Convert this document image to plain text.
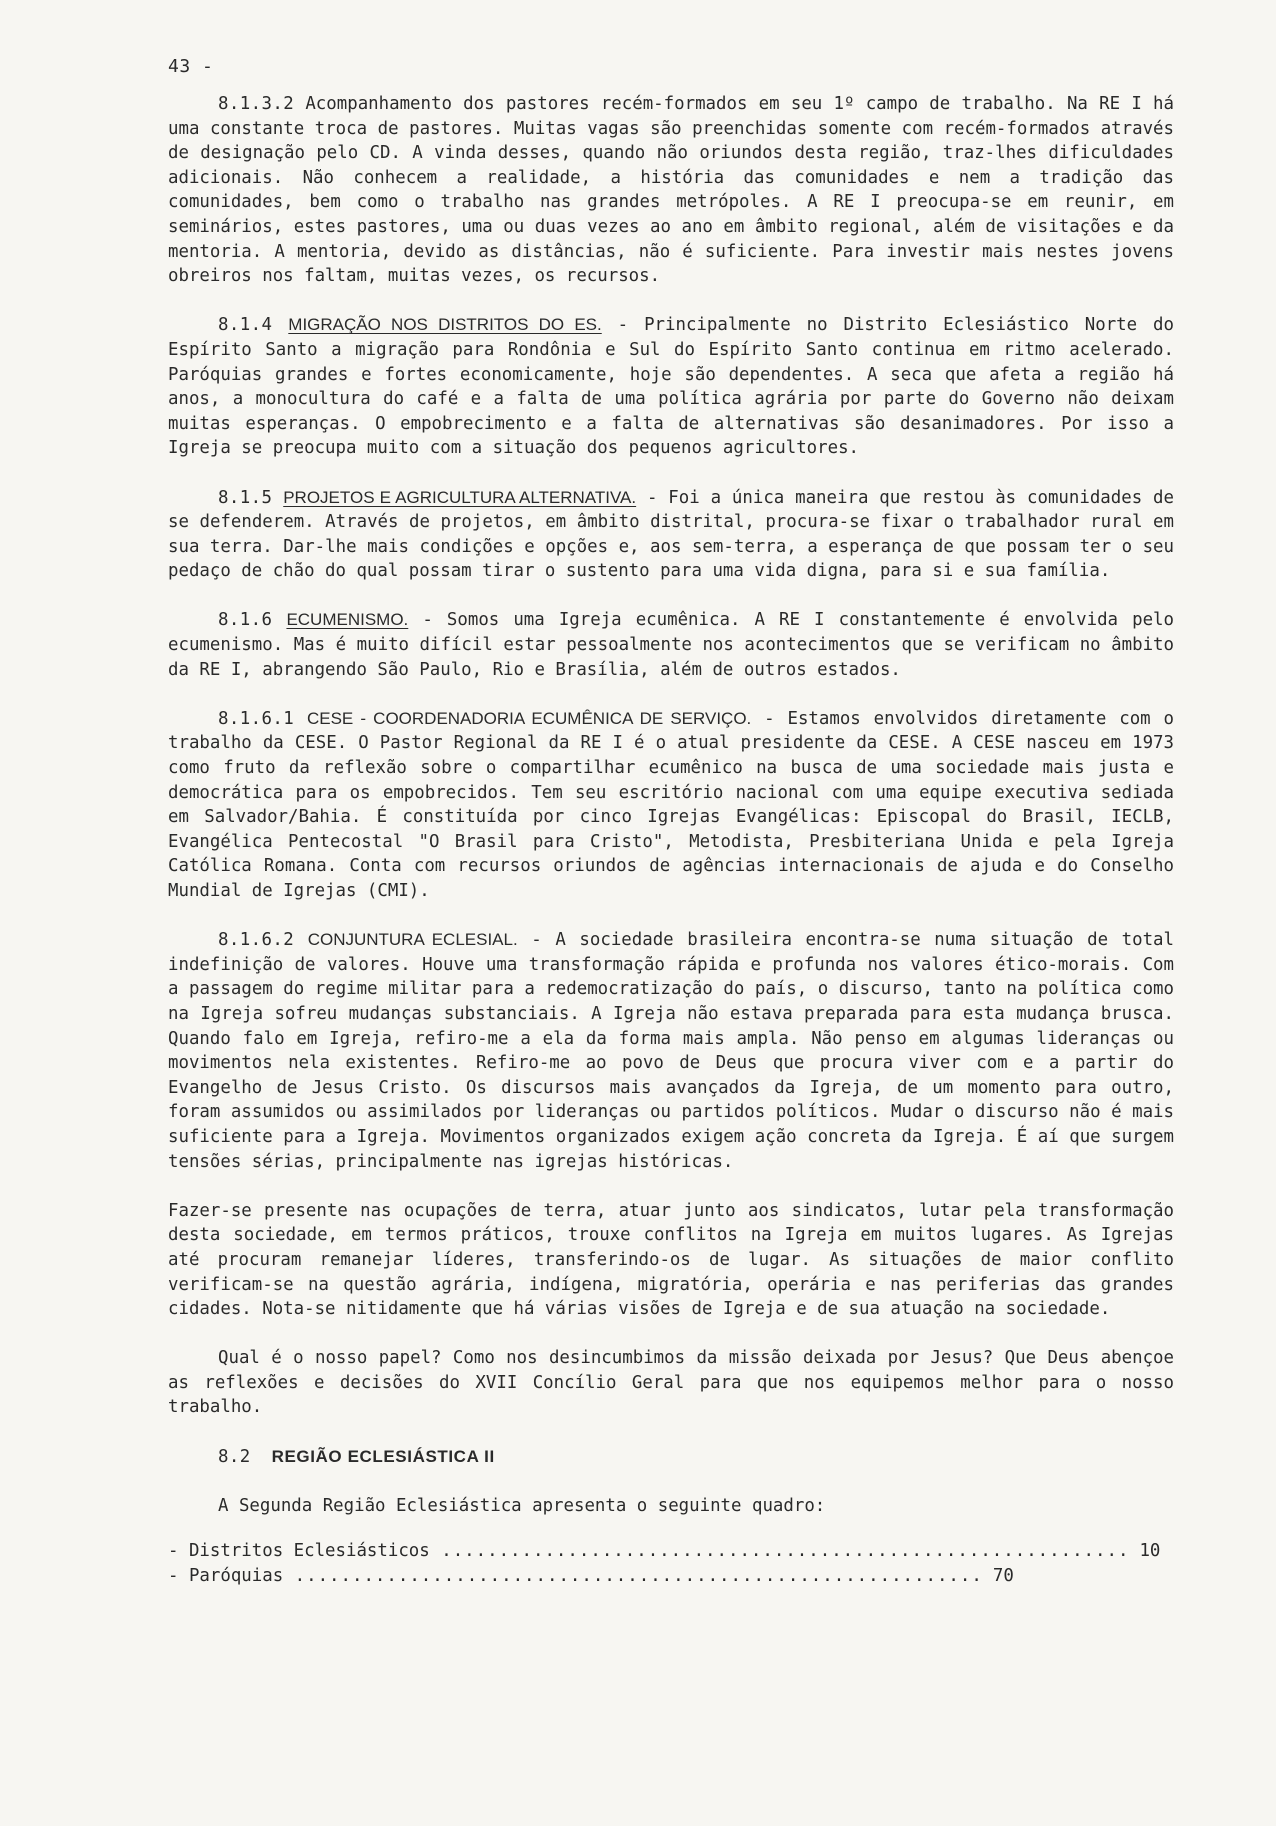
43 -

8.1.3.2 Acompanhamento dos pastores recém-formados em seu 1º campo de trabalho. Na RE I há uma constante troca de pastores. Muitas vagas são preenchidas somente com recém-formados através de designação pelo CD. A vinda desses, quando não oriundos desta região, traz-lhes dificuldades adicionais. Não conhecem a realidade, a história das comunidades e nem a tradição das comunidades, bem como o trabalho nas grandes metrópoles. A RE I preocupa-se em reunir, em seminários, estes pastores, uma ou duas vezes ao ano em âmbito regional, além de visitações e da mentoria. A mentoria, devido as distâncias, não é suficiente. Para investir mais nestes jovens obreiros nos faltam, muitas vezes, os recursos.

8.1.4 MIGRAÇÃO NOS DISTRITOS DO ES. - Principalmente no Distrito Eclesiástico Norte do Espírito Santo a migração para Rondônia e Sul do Espírito Santo continua em ritmo acelerado. Paróquias grandes e fortes economicamente, hoje são dependentes. A seca que afeta a região há anos, a monocultura do café e a falta de uma política agrária por parte do Governo não deixam muitas esperanças. O empobrecimento e a falta de alternativas são desanimadores. Por isso a Igreja se preocupa muito com a situação dos pequenos agricultores.

8.1.5 PROJETOS E AGRICULTURA ALTERNATIVA. - Foi a única maneira que restou às comunidades de se defenderem. Através de projetos, em âmbito distrital, procura-se fixar o trabalhador rural em sua terra. Dar-lhe mais condições e opções e, aos sem-terra, a esperança de que possam ter o seu pedaço de chão do qual possam tirar o sustento para uma vida digna, para si e sua família.

8.1.6 ECUMENISMO. - Somos uma Igreja ecumênica. A RE I constantemente é envolvida pelo ecumenismo. Mas é muito difícil estar pessoalmente nos acontecimentos que se verificam no âmbito da RE I, abrangendo São Paulo, Rio e Brasília, além de outros estados.

8.1.6.1 CESE - COORDENADORIA ECUMÊNICA DE SERVIÇO. - Estamos envolvidos diretamente com o trabalho da CESE. O Pastor Regional da RE I é o atual presidente da CESE. A CESE nasceu em 1973 como fruto da reflexão sobre o compartilhar ecumênico na busca de uma sociedade mais justa e democrática para os empobrecidos. Tem seu escritório nacional com uma equipe executiva sediada em Salvador/Bahia. É constituída por cinco Igrejas Evangélicas: Episcopal do Brasil, IECLB, Evangélica Pentecostal "O Brasil para Cristo", Metodista, Presbiteriana Unida e pela Igreja Católica Romana. Conta com recursos oriundos de agências internacionais de ajuda e do Conselho Mundial de Igrejas (CMI).

8.1.6.2 CONJUNTURA ECLESIAL. - A sociedade brasileira encontra-se numa situação de total indefinição de valores. Houve uma transformação rápida e profunda nos valores ético-morais. Com a passagem do regime militar para a redemocratização do país, o discurso, tanto na política como na Igreja sofreu mudanças substanciais. A Igreja não estava preparada para esta mudança brusca. Quando falo em Igreja, refiro-me a ela da forma mais ampla. Não penso em algumas lideranças ou movimentos nela existentes. Refiro-me ao povo de Deus que procura viver com e a partir do Evangelho de Jesus Cristo. Os discursos mais avançados da Igreja, de um momento para outro, foram assumidos ou assimilados por lideranças ou partidos políticos. Mudar o discurso não é mais suficiente para a Igreja. Movimentos organizados exigem ação concreta da Igreja. É aí que surgem tensões sérias, principalmente nas igrejas históricas.

Fazer-se presente nas ocupações de terra, atuar junto aos sindicatos, lutar pela transformação desta sociedade, em termos práticos, trouxe conflitos na Igreja em muitos lugares. As Igrejas até procuram remanejar líderes, transferindo-os de lugar. As situações de maior conflito verificam-se na questão agrária, indígena, migratória, operária e nas periferias das grandes cidades. Nota-se nitidamente que há várias visões de Igreja e de sua atuação na sociedade.

Qual é o nosso papel? Como nos desincumbimos da missão deixada por Jesus? Que Deus abençoe as reflexões e decisões do XVII Concílio Geral para que nos equipemos melhor para o nosso trabalho.

8.2 REGIÃO ECLESIÁSTICA II

A Segunda Região Eclesiástica apresenta o seguinte quadro:

- Distritos Eclesiásticos ............................................................ 10
- Paróquias ............................................................ 70
